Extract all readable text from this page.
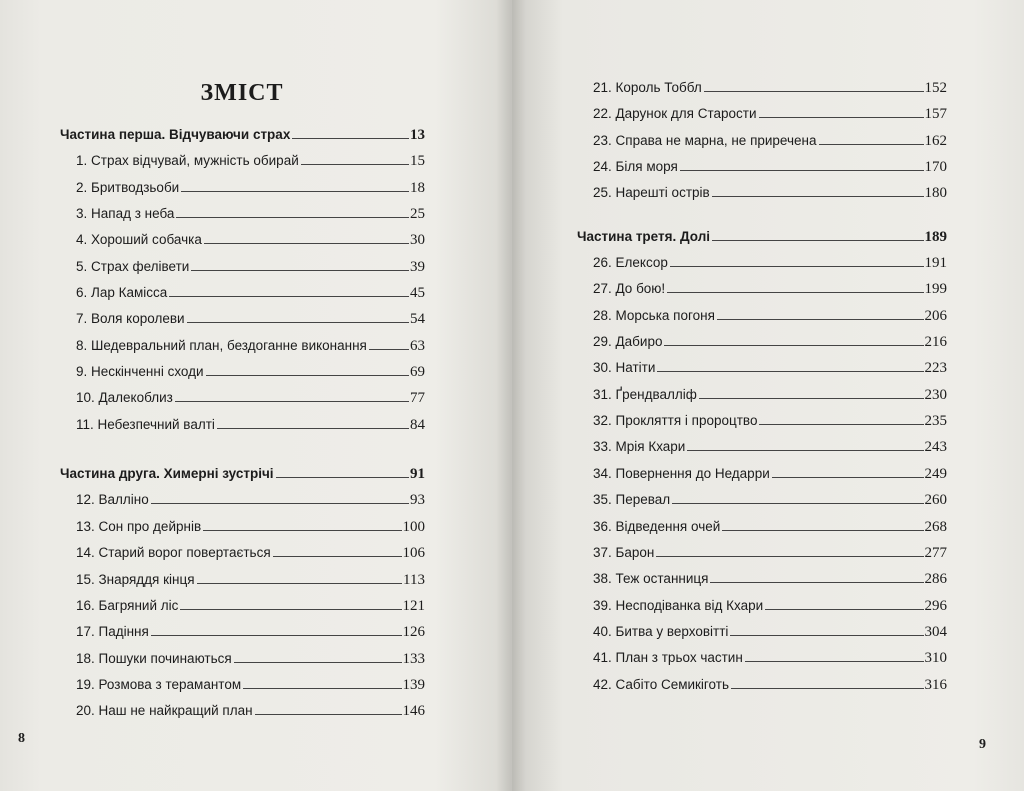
ЗМІСТ
Частина перша. Відчуваючи страх	13
1. Страх відчувай, мужність обирай	15
2. Бритводзьоби	18
3. Напад з неба	25
4. Хороший собачка	30
5. Страх фелівети	39
6. Лар Камісса	45
7. Воля королеви	54
8. Шедевральний план, бездоганне виконання	63
9. Нескінченні сходи	69
10. Далекоблиз	77
11. Небезпечний валті	84
Частина друга. Химерні зустрічі	91
12. Валліно	93
13. Сон про дейрнів	100
14. Старий ворог повертається	106
15. Знаряддя кінця	113
16. Багряний ліс	121
17. Падіння	126
18. Пошуки починаються	133
19. Розмова з терамантом	139
20. Наш не найкращий план	146
8
21. Король Тоббл	152
22. Дарунок для Старости	157
23. Справа не марна, не приречена	162
24. Біля моря	170
25. Нарешті острів	180
Частина третя. Долі	189
26. Елексор	191
27. До бою!	199
28. Морська погоня	206
29. Дабиро	216
30. Натіти	223
31. Ґрендвалліф	230
32. Прокляття і пророцтво	235
33. Мрія Кхари	243
34. Повернення до Недарри	249
35. Перевал	260
36. Відведення очей	268
37. Барон	277
38. Теж останниця	286
39. Несподіванка від Кхари	296
40. Битва у верховітті	304
41. План з трьох частин	310
42. Сабіто Семикіготь	316
9
